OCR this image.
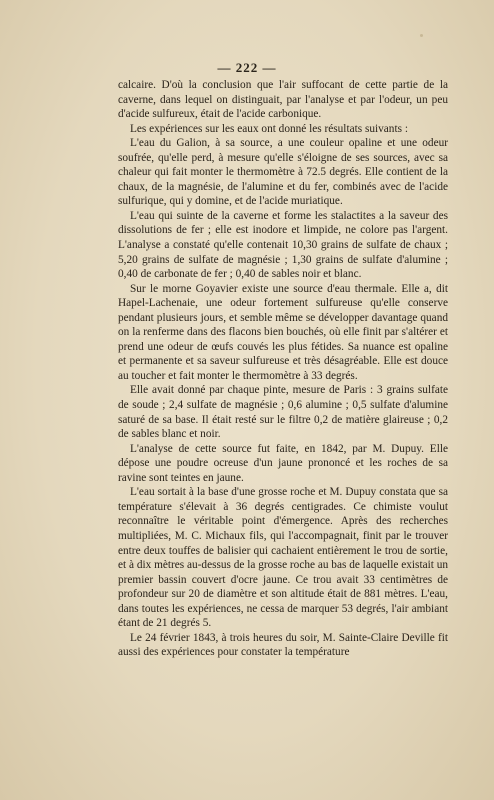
— 222 —

calcaire. D'où la conclusion que l'air suffocant de cette partie de la caverne, dans lequel on distinguait, par l'analyse et par l'odeur, un peu d'acide sulfureux, était de l'acide carbonique.

Les expériences sur les eaux ont donné les résultats suivants :

L'eau du Galion, à sa source, a une couleur opaline et une odeur soufrée, qu'elle perd, à mesure qu'elle s'éloigne de ses sources, avec sa chaleur qui fait monter le thermomètre à 72.5 degrés. Elle contient de la chaux, de la magnésie, de l'alumine et du fer, combinés avec de l'acide sulfurique, qui y domine, et de l'acide muriatique.

L'eau qui suinte de la caverne et forme les stalactites a la saveur des dissolutions de fer ; elle est inodore et limpide, ne colore pas l'argent. L'analyse a constaté qu'elle contenait 10,30 grains de sulfate de chaux ; 5,20 grains de sulfate de magnésie ; 1,30 grains de sulfate d'alumine ; 0,40 de carbonate de fer ; 0,40 de sables noir et blanc.

Sur le morne Goyavier existe une source d'eau thermale. Elle a, dit Hapel-Lachenaie, une odeur fortement sulfureuse qu'elle conserve pendant plusieurs jours, et semble même se développer davantage quand on la renferme dans des flacons bien bouchés, où elle finit par s'altérer et prend une odeur de œufs couvés les plus fétides. Sa nuance est opaline et permanente et sa saveur sulfureuse et très désagréable. Elle est douce au toucher et fait monter le thermomètre à 33 degrés.

Elle avait donné par chaque pinte, mesure de Paris : 3 grains sulfate de soude ; 2,4 sulfate de magnésie ; 0,6 alumine ; 0,5 sulfate d'alumine saturé de sa base. Il était resté sur le filtre 0,2 de matière glaireuse ; 0,2 de sables blanc et noir.

L'analyse de cette source fut faite, en 1842, par M. Dupuy. Elle dépose une poudre ocreuse d'un jaune prononcé et les roches de sa ravine sont teintes en jaune.

L'eau sortait à la base d'une grosse roche et M. Dupuy constata que sa température s'élevait à 36 degrés centigrades. Ce chimiste voulut reconnaître le véritable point d'émergence. Après des recherches multipliées, M. C. Michaux fils, qui l'accompagnait, finit par le trouver entre deux touffes de balisier qui cachaient entièrement le trou de sortie, et à dix mètres au-dessus de la grosse roche au bas de laquelle existait un premier bassin couvert d'ocre jaune. Ce trou avait 33 centimètres de profondeur sur 20 de diamètre et son altitude était de 881 mètres. L'eau, dans toutes les expériences, ne cessa de marquer 53 degrés, l'air ambiant étant de 21 degrés 5.

Le 24 février 1843, à trois heures du soir, M. Sainte-Claire Deville fit aussi des expériences pour constater la température
